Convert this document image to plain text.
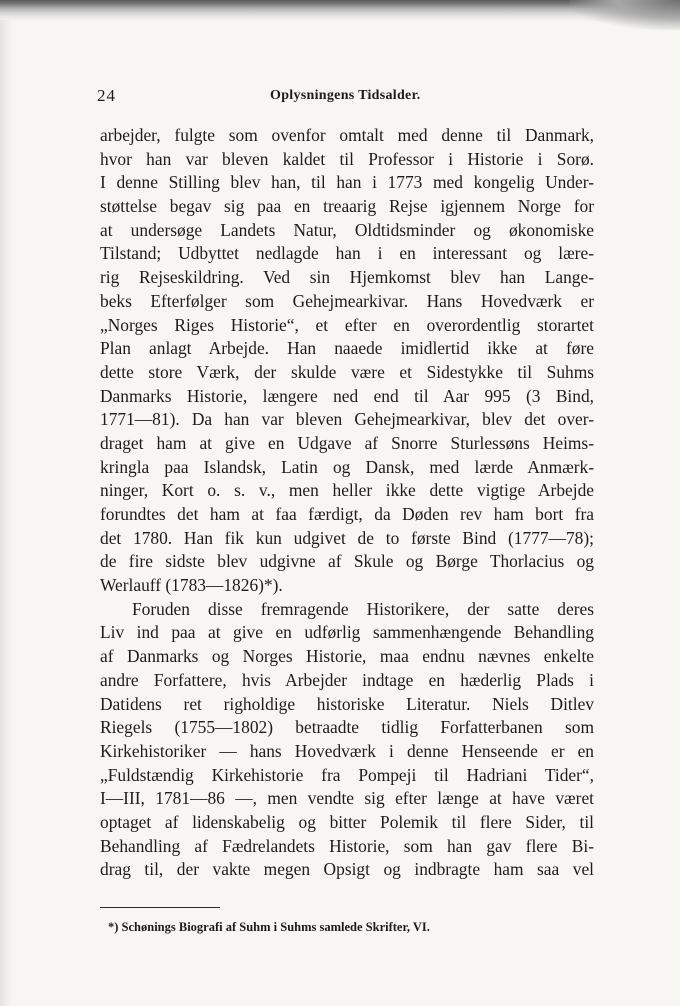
24	Oplysningens Tidsalder.
arbejder, fulgte som ovenfor omtalt med denne til Danmark,
hvor han var bleven kaldet til Professor i Historie i Sorø.
I denne Stilling blev han, til han i 1773 med kongelig Under-
støttelse begav sig paa en treaarig Rejse igjennem Norge for
at undersøge Landets Natur, Oldtidsminder og økonomiske
Tilstand; Udbyttet nedlagde han i en interessant og lære-
rig Rejseskildring. Ved sin Hjemkomst blev han Lange-
beks Efterfølger som Gehejmearkivar. Hans Hovedværk er
„Norges Riges Historie“, et efter en overordentlig storartet
Plan anlagt Arbejde. Han naaede imidlertid ikke at føre
dette store Værk, der skulde være et Sidestykke til Suhms
Danmarks Historie, længere ned end til Aar 995 (3 Bind,
1771—81). Da han var bleven Gehejmearkivar, blev det over-
draget ham at give en Udgave af Snorre Sturlessøns Heims-
kringla paa Islandsk, Latin og Dansk, med lærde Anmærk-
ninger, Kort o. s. v., men heller ikke dette vigtige Arbejde
forundtes det ham at faa færdigt, da Døden rev ham bort fra
det 1780. Han fik kun udgivet de to første Bind (1777—78);
de fire sidste blev udgivne af Skule og Børge Thorlacius og
Werlauff (1783—1826)*).
Foruden disse fremragende Historikere, der satte deres
Liv ind paa at give en udførlig sammenhængende Behandling
af Danmarks og Norges Historie, maa endnu nævnes enkelte
andre Forfattere, hvis Arbejder indtage en hæderlig Plads i
Datidens ret righoldige historiske Literatur. Niels Ditlev
Riegels (1755—1802) betraadte tidlig Forfatterbanen som
Kirkehistoriker — hans Hovedværk i denne Henseende er en
„Fuldstændig Kirkehistorie fra Pompeji til Hadriani Tider“,
I—III, 1781—86 —, men vendte sig efter længe at have været
optaget af lidenskabelig og bitter Polemik til flere Sider, til
Behandling af Fædrelandets Historie, som han gav flere Bi-
drag til, der vakte megen Opsigt og indbragte ham saa vel
*) Schønings Biografi af Suhm i Suhms samlede Skrifter, VI.
